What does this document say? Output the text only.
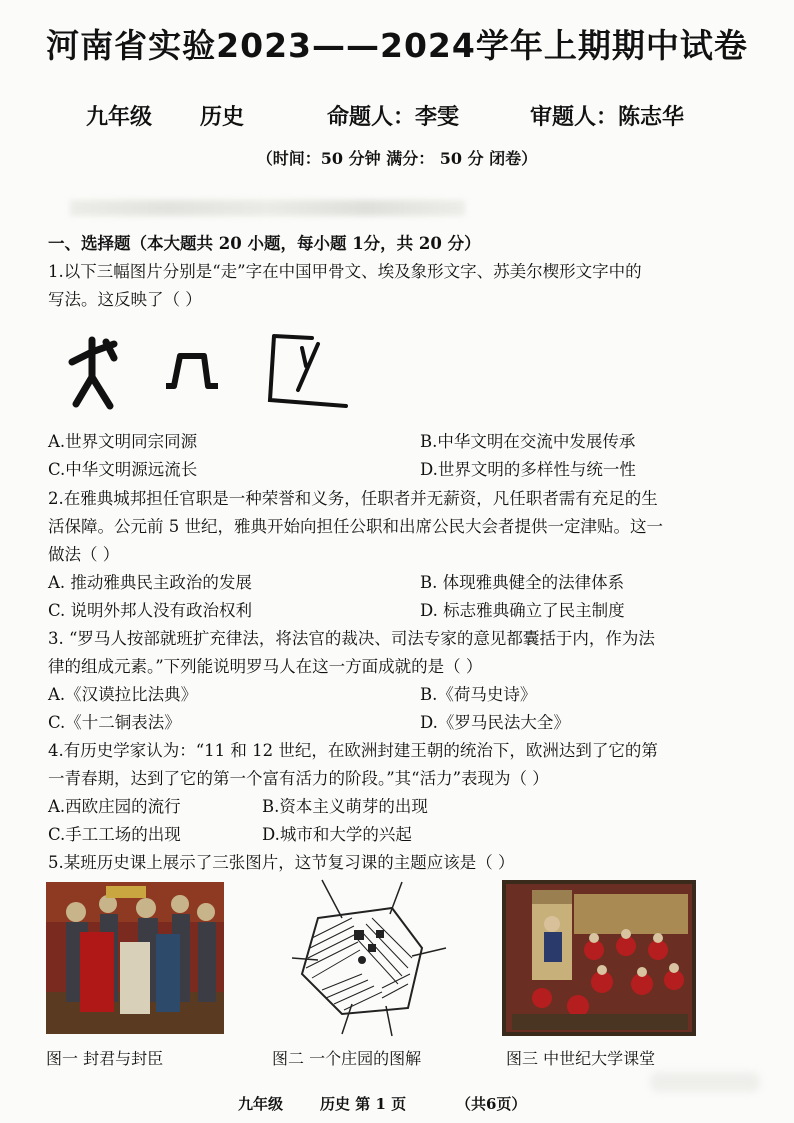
河南省实验2023——2024学年上期期中试卷
九年级 历史	命题人：李雯	审题人：陈志华
（时间：50 分钟 满分： 50 分 闭卷）
一、选择题（本大题共 20 小题，每小题 1分，共 20 分）
1.以下三幅图片分别是“走”字在中国甲骨文、埃及象形文字、苏美尔楔形文字中的
写法。这反映了（ ）
A.世界文明同宗同源	B.中华文明在交流中发展传承
C.中华文明源远流长	D.世界文明的多样性与统一性
2.在雅典城邦担任官职是一种荣誉和义务，任职者并无薪资，凡任职者需有充足的生
活保障。公元前 5 世纪，雅典开始向担任公职和出席公民大会者提供一定津贴。这一
做法（ ）
A. 推动雅典民主政治的发展	B. 体现雅典健全的法律体系
C. 说明外邦人没有政治权利	D. 标志雅典确立了民主制度
3. “罗马人按部就班扩充律法，将法官的裁决、司法专家的意见都囊括于内，作为法
律的组成元素。”下列能说明罗马人在这一方面成就的是（ ）
A.《汉谟拉比法典》	B.《荷马史诗》
C.《十二铜表法》	D.《罗马民法大全》
4.有历史学家认为：“11 和 12 世纪，在欧洲封建王朝的统治下，欧洲达到了它的第
一青春期，达到了它的第一个富有活力的阶段。”其“活力”表现为（ ）
A.西欧庄园的流行	B.资本主义萌芽的出现
C.手工工场的出现	D.城市和大学的兴起
5.某班历史课上展示了三张图片，这节复习课的主题应该是（ ）
图一 封君与封臣	图二 一个庄园的图解	图三 中世纪大学课堂
九年级 历史 第 1 页	（共6页）
